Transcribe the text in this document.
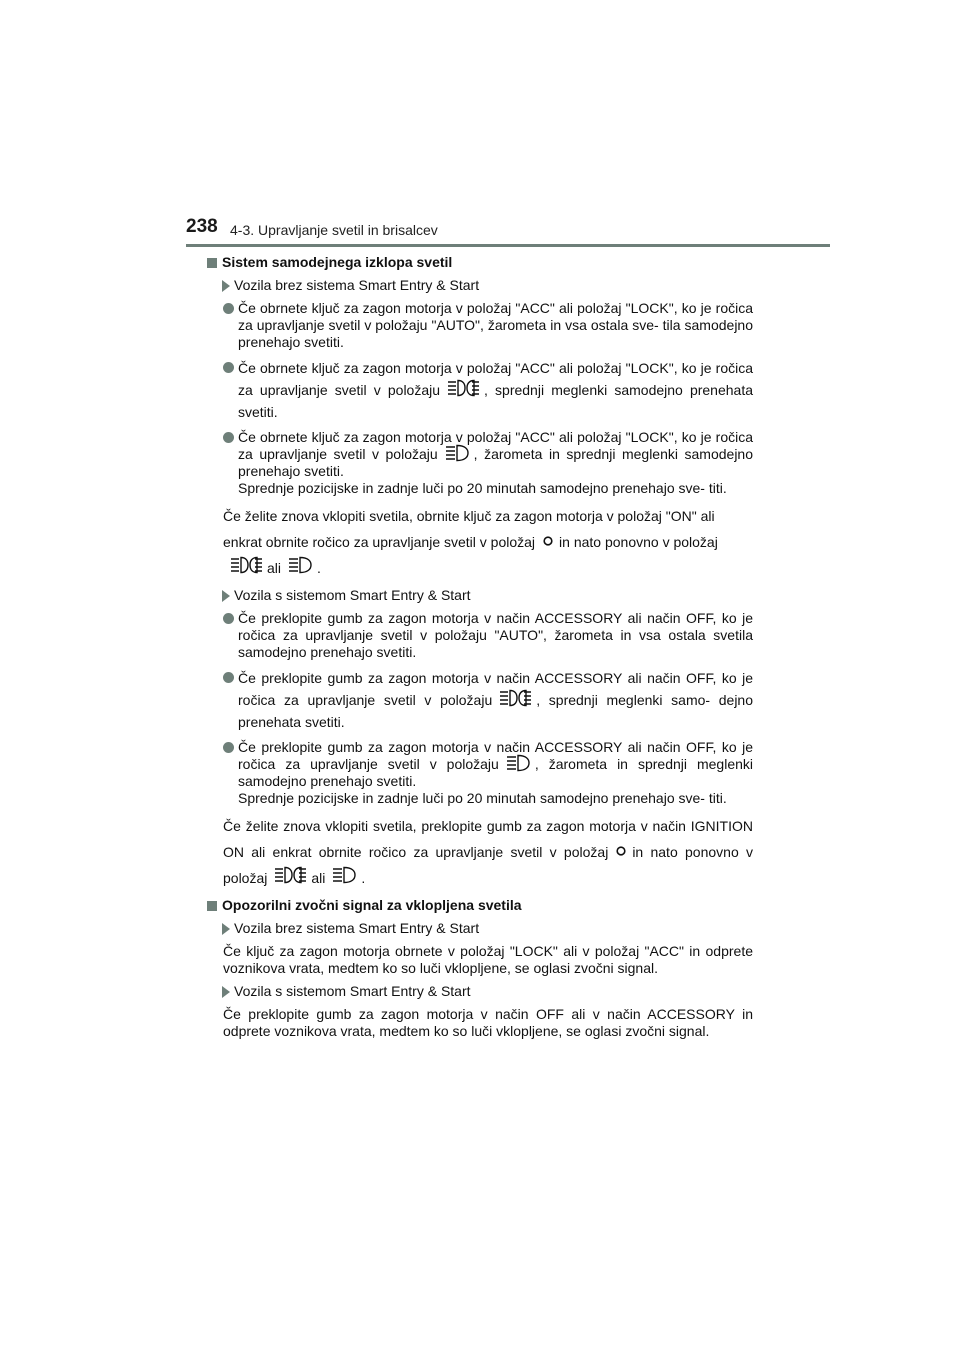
238 4-3. Upravljanje svetil in brisalcev
Sistem samodejnega izklopa svetil
Vozila brez sistema Smart Entry & Start
Če obrnete ključ za zagon motorja v položaj "ACC" ali položaj "LOCK", ko je ročica za upravljanje svetil v položaju "AUTO", žarometa in vsa ostala sve- tila samodejno prenehajo svetiti.
Če obrnete ključ za zagon motorja v položaj "ACC" ali položaj "LOCK", ko je ročica za upravljanje svetil v položaju	, sprednji meglenki samodejno prenehata svetiti.
Če obrnete ključ za zagon motorja v položaj "ACC" ali položaj "LOCK", ko je ročica za upravljanje svetil v položaju	, žarometa in sprednji meglenki samodejno prenehajo svetiti.
Sprednje pozicijske in zadnje luči po 20 minutah samodejno prenehajo sve- titi.
Če želite znova vklopiti svetila, obrnite ključ za zagon motorja v položaj "ON" ali enkrat obrnite ročico za upravljanje svetil v položaj in nato ponovno v položajali	.
Vozila s sistemom Smart Entry & Start
Če preklopite gumb za zagon motorja v način ACCESSORY ali način OFF, ko je ročica za upravljanje svetil v položaju "AUTO", žarometa in vsa ostala svetila samodejno prenehajo svetiti.
Če preklopite gumb za zagon motorja v način ACCESSORY ali način OFF, ko je ročica za upravljanje svetil v položaju	, sprednji meglenki samo- dejno prenehata svetiti.
Če preklopite gumb za zagon motorja v način ACCESSORY ali način OFF, ko je ročica za upravljanje svetil v položaju	, žarometa in sprednji meglenki samodejno prenehajo svetiti.
Sprednje pozicijske in zadnje luči po 20 minutah samodejno prenehajo sve- titi.
Če želite znova vklopiti svetila, preklopite gumb za zagon motorja v način IGNITION ON ali enkrat obrnite ročico za upravljanje svetil v položaj in nato ponovno v položaj	ali	.
Opozorilni zvočni signal za vklopljena svetila
Vozila brez sistema Smart Entry & Start
Če ključ za zagon motorja obrnete v položaj "LOCK" ali v položaj "ACC" in odprete voznikova vrata, medtem ko so luči vklopljene, se oglasi zvočni signal.
Vozila s sistemom Smart Entry & Start
Če preklopite gumb za zagon motorja v način OFF ali v način ACCESSORY in odprete voznikova vrata, medtem ko so luči vklopljene, se oglasi zvočni signal.
